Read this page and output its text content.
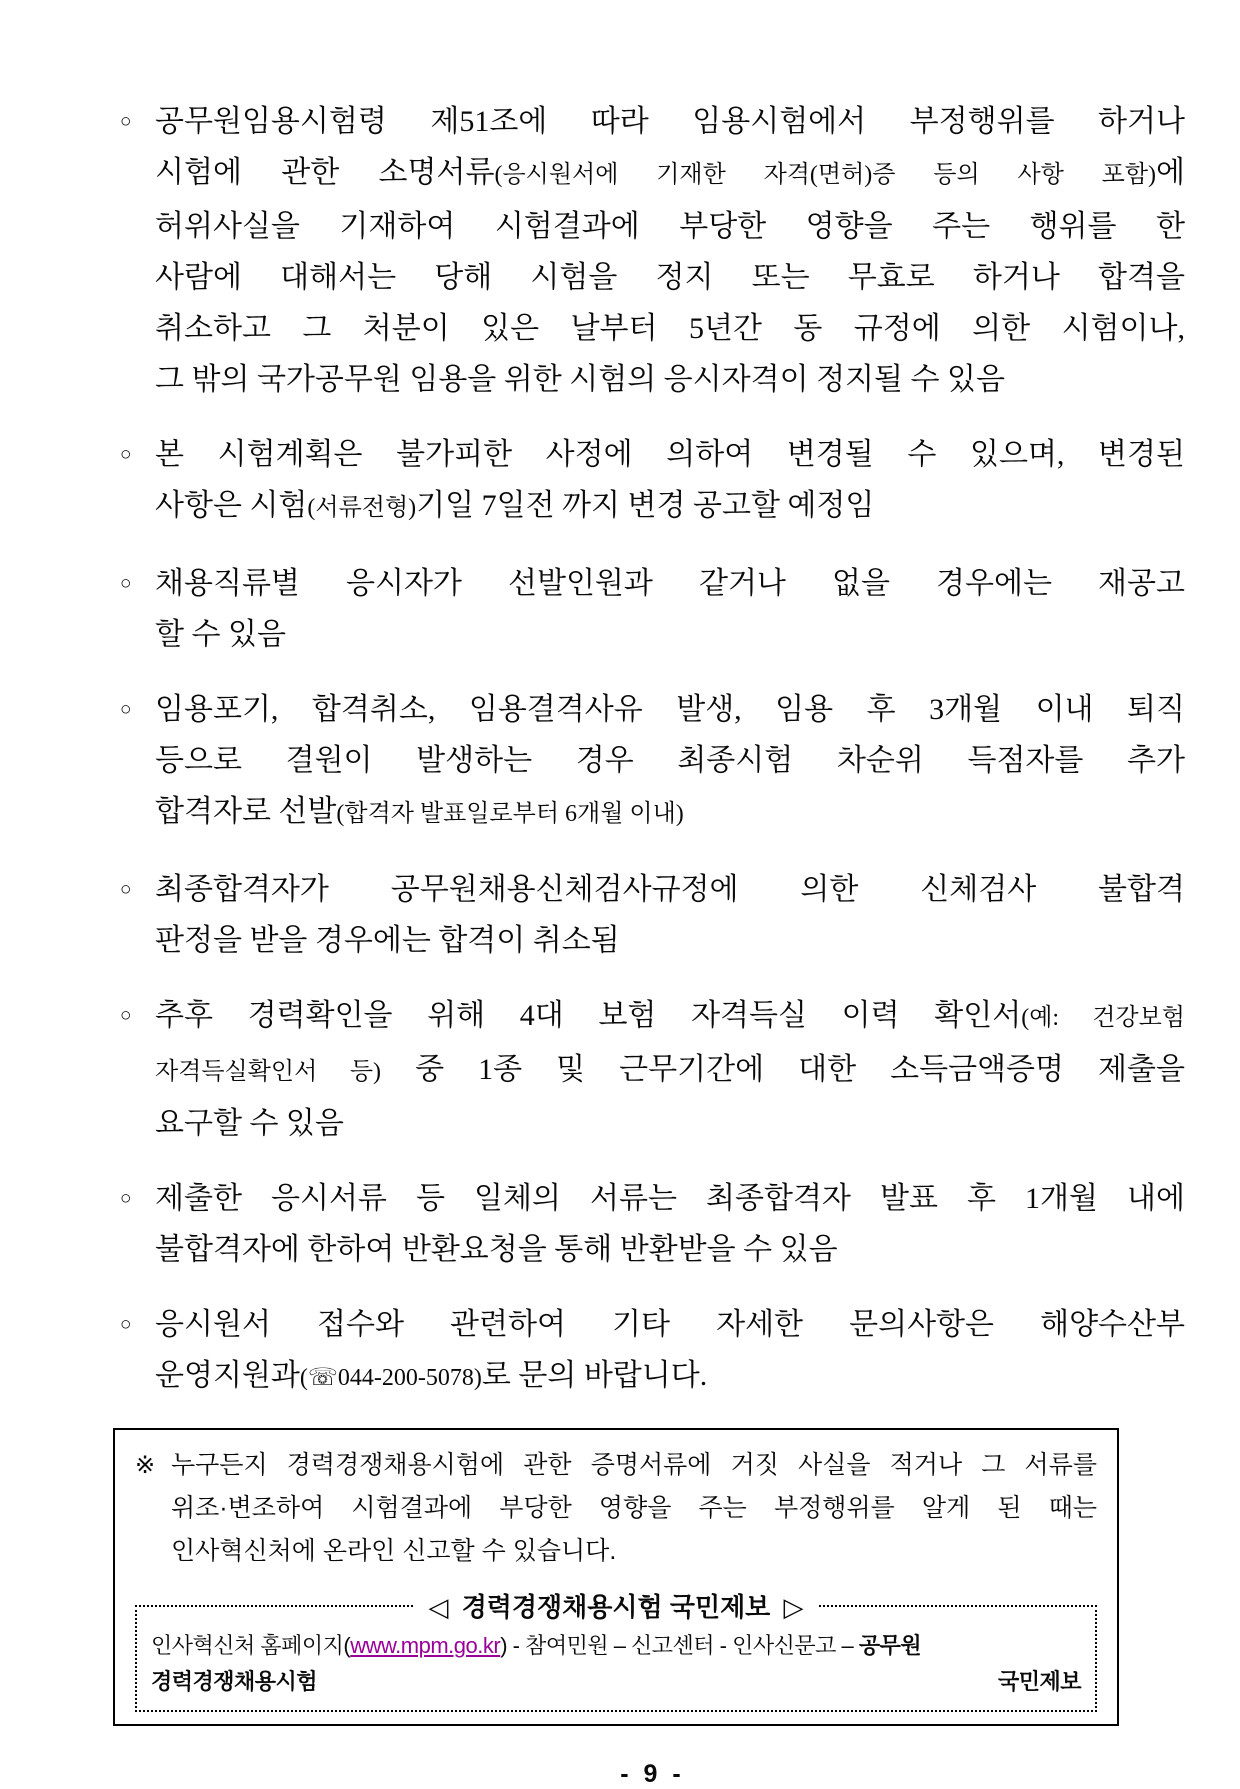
○ 공무원임용시험령 제51조에 따라 임용시험에서 부정행위를 하거나
시험에 관한 소명서류(응시원서에 기재한 자격(면허)증 등의 사항 포함)에
허위사실을 기재하여 시험결과에 부당한 영향을 주는 행위를 한
사람에 대해서는 당해 시험을 정지 또는 무효로 하거나 합격을
취소하고 그 처분이 있은 날부터 5년간 동 규정에 의한 시험이나,
그 밖의 국가공무원 임용을 위한 시험의 응시자격이 정지될 수 있음
○ 본 시험계획은 불가피한 사정에 의하여 변경될 수 있으며, 변경된
사항은 시험(서류전형)기일 7일전 까지 변경 공고할 예정임
○ 채용직류별 응시자가 선발인원과 같거나 없을 경우에는 재공고
할 수 있음
○ 임용포기, 합격취소, 임용결격사유 발생, 임용 후 3개월 이내 퇴직
등으로 결원이 발생하는 경우 최종시험 차순위 득점자를 추가
합격자로 선발(합격자 발표일로부터 6개월 이내)
○ 최종합격자가 공무원채용신체검사규정에 의한 신체검사 불합격
판정을 받을 경우에는 합격이 취소됨
○ 추후 경력확인을 위해 4대 보험 자격득실 이력 확인서(예: 건강보험
자격득실확인서 등) 중 1종 및 근무기간에 대한 소득금액증명 제출을
요구할 수 있음
○ 제출한 응시서류 등 일체의 서류는 최종합격자 발표 후 1개월 내에
불합격자에 한하여 반환요청을 통해 반환받을 수 있음
○ 응시원서 접수와 관련하여 기타 자세한 문의사항은 해양수산부
운영지원과(☏044-200-5078)로 문의 바랍니다.
※ 누구든지 경력경쟁채용시험에 관한 증명서류에 거짓 사실을 적거나 그 서류를
위조·변조하여 시험결과에 부당한 영향을 주는 부정행위를 알게 된 때는
인사혁신처에 온라인 신고할 수 있습니다.
◁ 경력경쟁채용시험 국민제보 ▷
인사혁신처 홈페이지(www.mpm.go.kr) - 참여민원 – 신고센터 - 인사신문고 – 공무원 경력경쟁채용시험 국민제보
- 9 -
